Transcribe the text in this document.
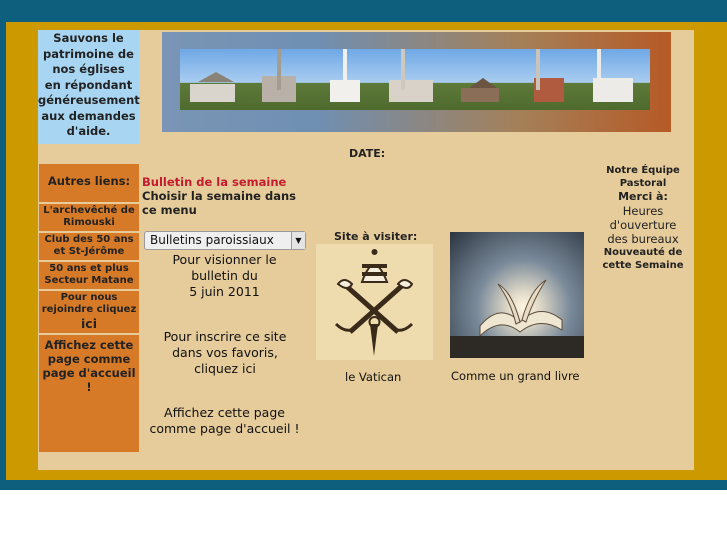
Sauvons le
patrimoine de
nos églises
en répondant
généreusement
aux demandes
d'aide.
DATE:
Autres liens:
L'archevêché de
Rimouski
Club des 50 ans
et St-Jérôme
50 ans et plus
Secteur Matane
Pour nous
rejoindre cliquez
ici
Affichez cette
page comme
page d'accueil !
Bulletin de la semaine
Choisir la semaine dans ce menu
Bulletins paroissiaux	▼
Pour visionner le
bulletin du
5 juin 2011
Pour inscrire ce site
dans vos favoris,
cliquez ici
Affichez cette page
comme page d'accueil !
Site à visiter:
le Vatican	Comme un grand livre
Notre Équipe
Pastoral
Merci à:
Heures
d'ouverture
des bureaux
Nouveauté de
cette Semaine
